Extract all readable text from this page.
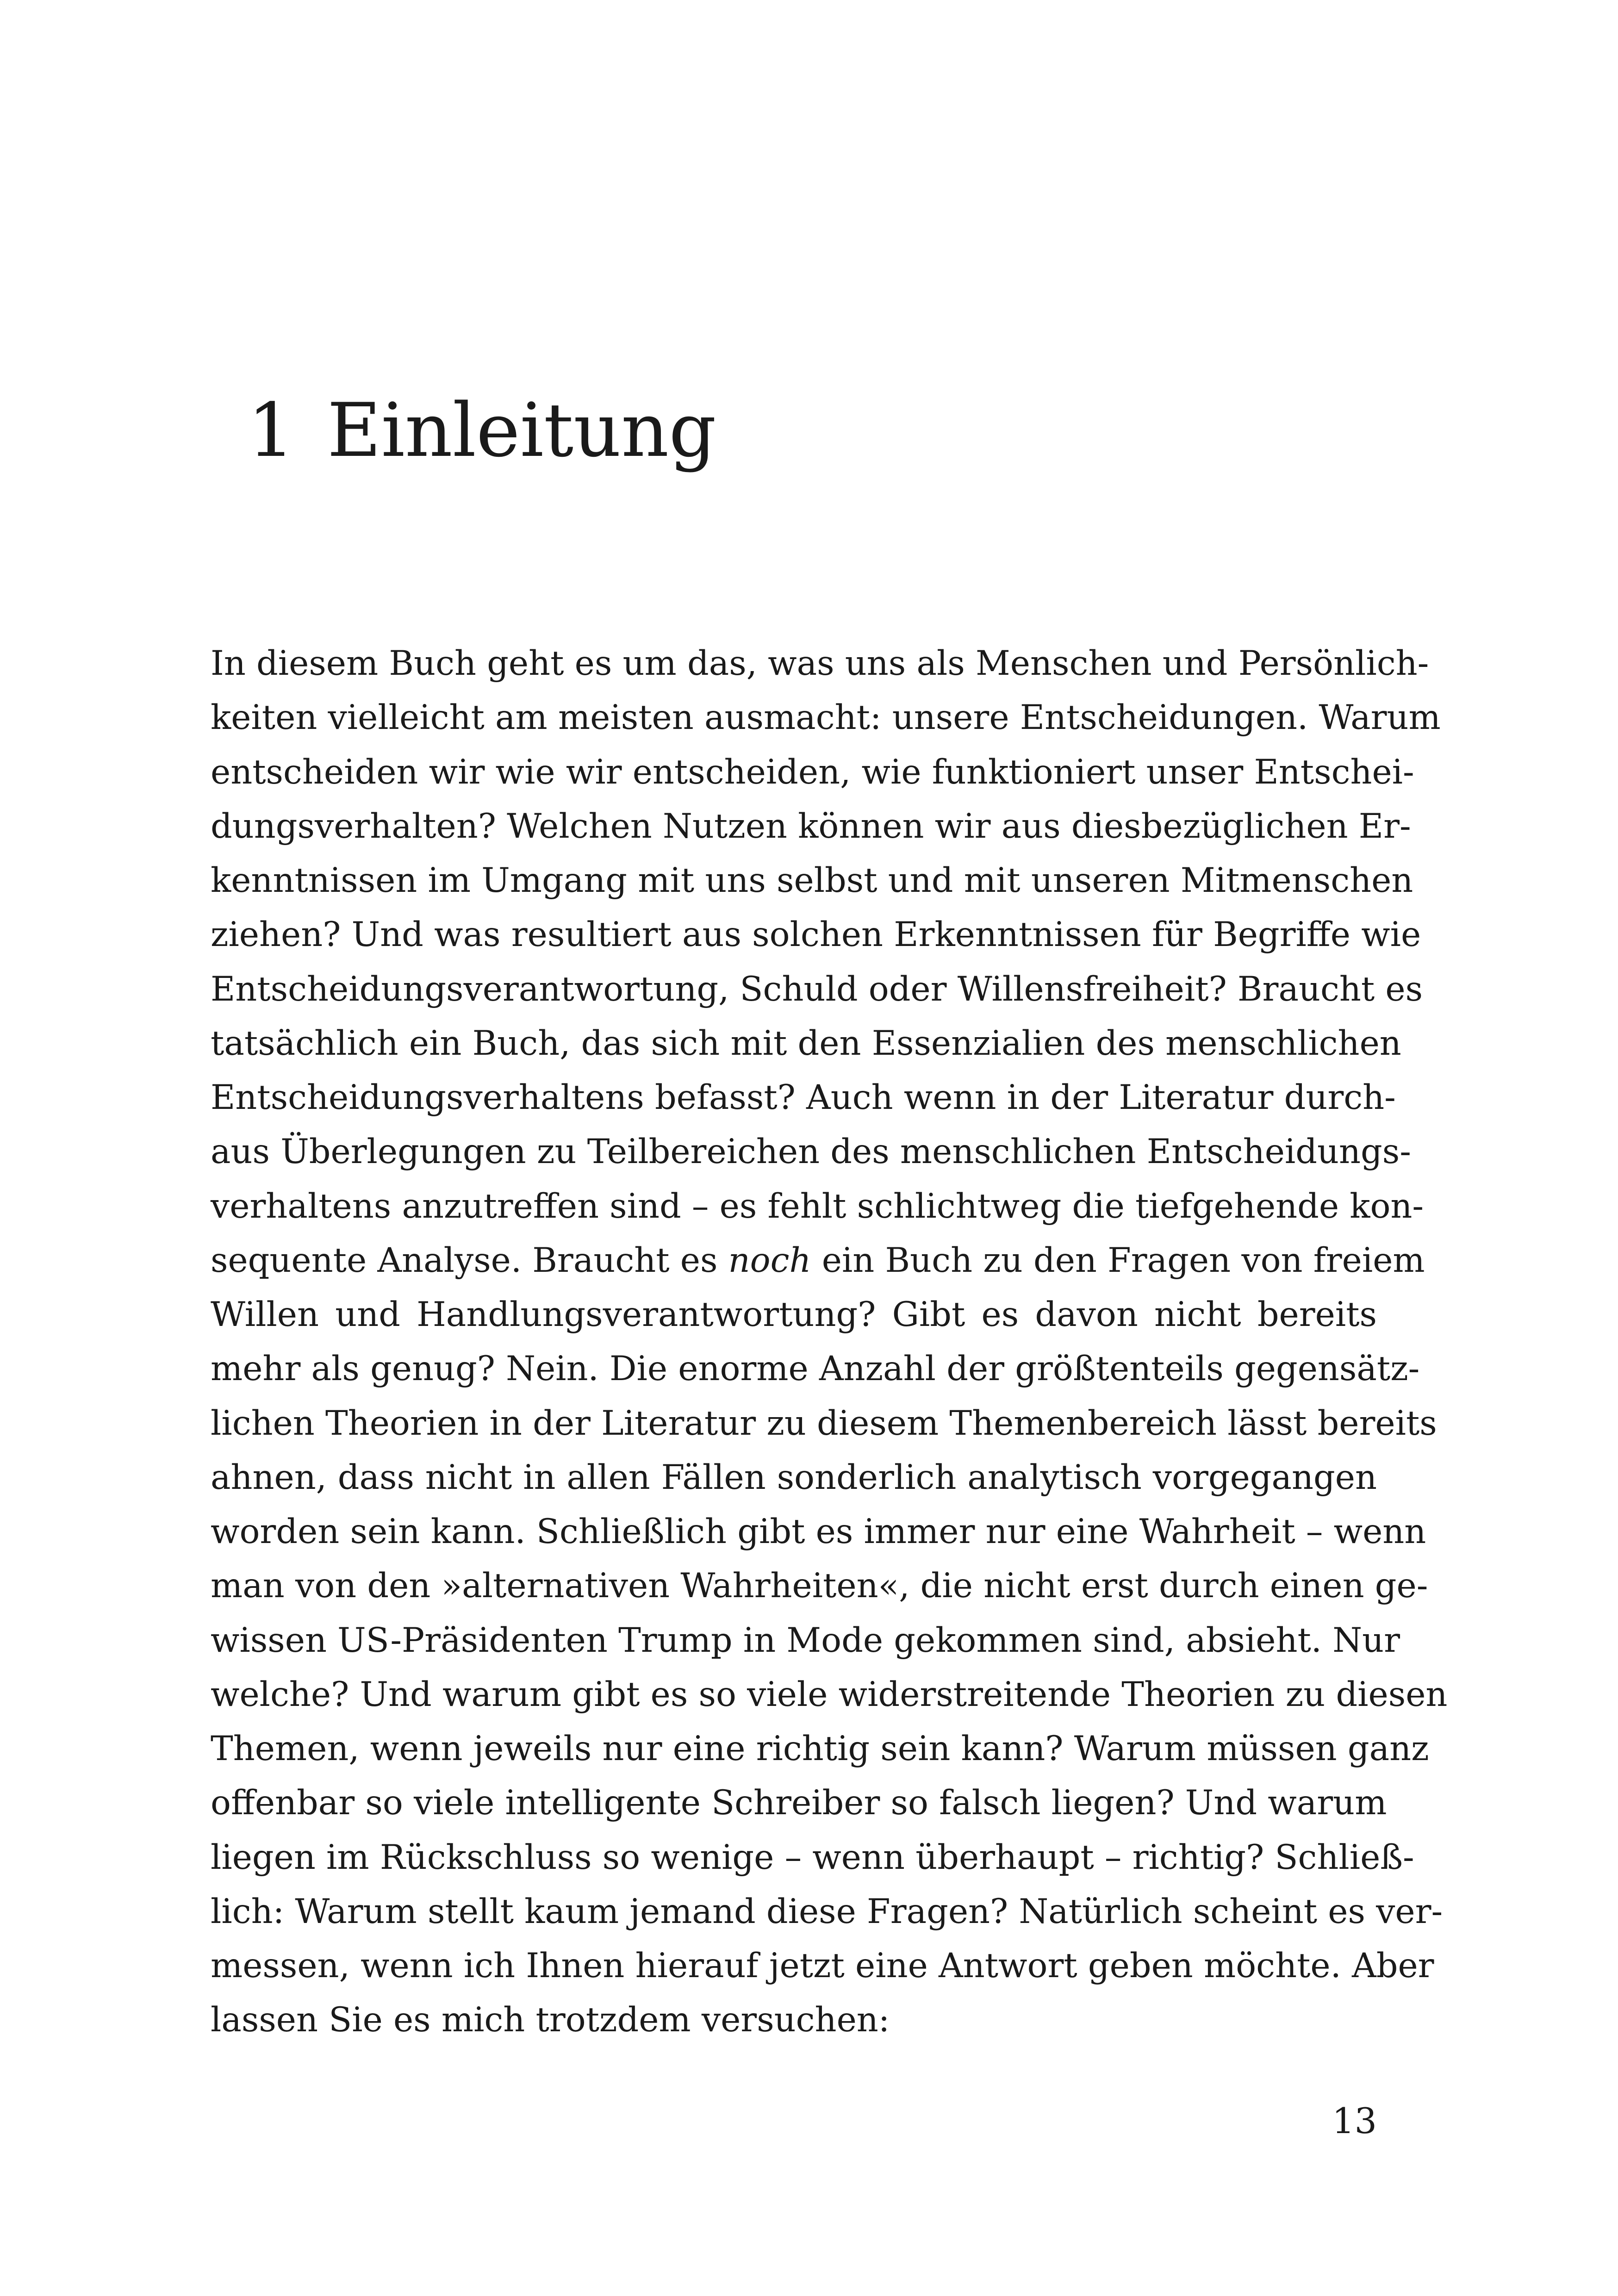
1 Einleitung
In diesem Buch geht es um das, was uns als Menschen und Persönlich-
keiten vielleicht am meisten ausmacht: unsere Entscheidungen. Warum
entscheiden wir wie wir entscheiden, wie funktioniert unser Entschei-
dungsverhalten? Welchen Nutzen können wir aus diesbezüglichen Er-
kenntnissen im Umgang mit uns selbst und mit unseren Mitmenschen
ziehen? Und was resultiert aus solchen Erkenntnissen für Begriffe wie
Entscheidungsverantwortung, Schuld oder Willensfreiheit? Braucht es
tatsächlich ein Buch, das sich mit den Essenzialien des menschlichen
Entscheidungsverhaltens befasst? Auch wenn in der Literatur durch-
aus Überlegungen zu Teilbereichen des menschlichen Entscheidungs-
verhaltens anzutreffen sind – es fehlt schlichtweg die tiefgehende kon-
sequente Analyse. Braucht es noch ein Buch zu den Fragen von freiem
Willen und Handlungsverantwortung? Gibt es davon nicht bereits
mehr als genug? Nein. Die enorme Anzahl der größtenteils gegensätz-
lichen Theorien in der Literatur zu diesem Themenbereich lässt bereits
ahnen, dass nicht in allen Fällen sonderlich analytisch vorgegangen
worden sein kann. Schließlich gibt es immer nur eine Wahrheit – wenn
man von den »alternativen Wahrheiten«, die nicht erst durch einen ge-
wissen US-Präsidenten Trump in Mode gekommen sind, absieht. Nur
welche? Und warum gibt es so viele widerstreitende Theorien zu diesen
Themen, wenn jeweils nur eine richtig sein kann? Warum müssen ganz
offenbar so viele intelligente Schreiber so falsch liegen? Und warum
liegen im Rückschluss so wenige – wenn überhaupt – richtig? Schließ-
lich: Warum stellt kaum jemand diese Fragen? Natürlich scheint es ver-
messen, wenn ich Ihnen hierauf jetzt eine Antwort geben möchte. Aber
lassen Sie es mich trotzdem versuchen:
13
